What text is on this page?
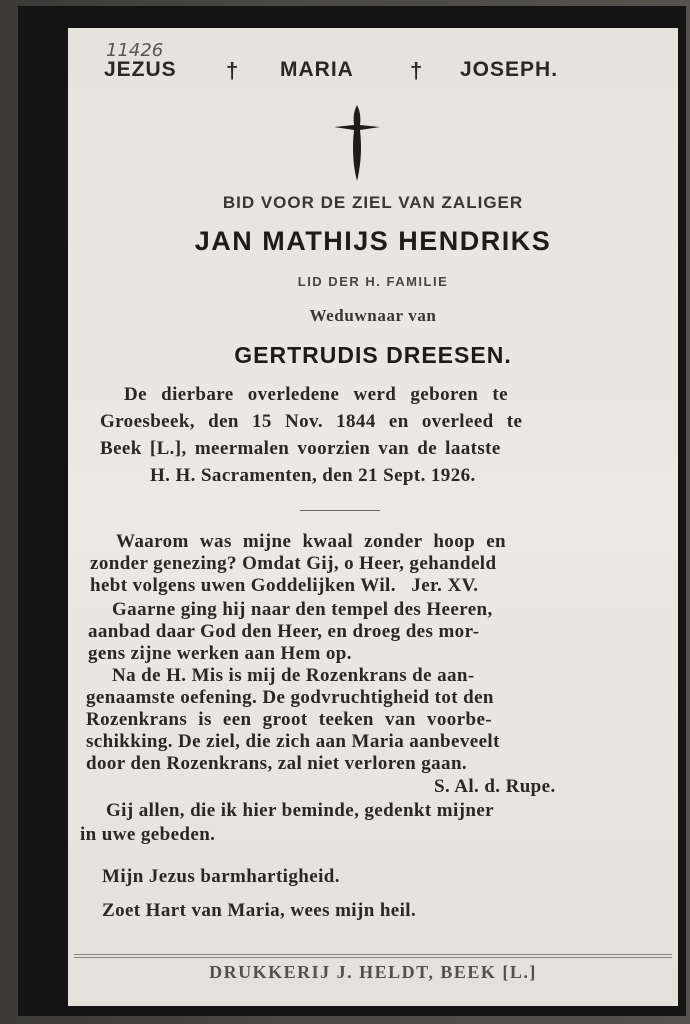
11426
JEZUS † MARIA	† JOSEPH.
BID VOOR DE ZIEL VAN ZALIGER
JAN MATHIJS HENDRIKS
LID DER H. FAMILIE
Weduwnaar van
GERTRUDIS DREESEN.
De dierbare overledene werd geboren te
Groesbeek, den 15 Nov. 1844 en overleed te
Beek [L.], meermalen voorzien van de laatste
H. H. Sacramenten, den 21 Sept. 1926.
Waarom was mijne kwaal zonder hoop en
zonder genezing? Omdat Gij, o Heer, gehandeld
hebt volgens uwen Goddelijken Wil.   Jer. XV.
Gaarne ging hij naar den tempel des Heeren,
aanbad daar God den Heer, en droeg des mor-
gens zijne werken aan Hem op.
Na de H. Mis is mij de Rozenkrans de aan-
genaamste oefening. De godvruchtigheid tot den
Rozenkrans is een groot teeken van voorbe-
schikking. De ziel, die zich aan Maria aanbeveelt
door den Rozenkrans, zal niet verloren gaan.
S. Al. d. Rupe.
Gij allen, die ik hier beminde, gedenkt mijner
in uwe gebeden.
Mijn Jezus barmhartigheid.
Zoet Hart van Maria, wees mijn heil.
DRUKKERIJ J. HELDT, BEEK [L.]
